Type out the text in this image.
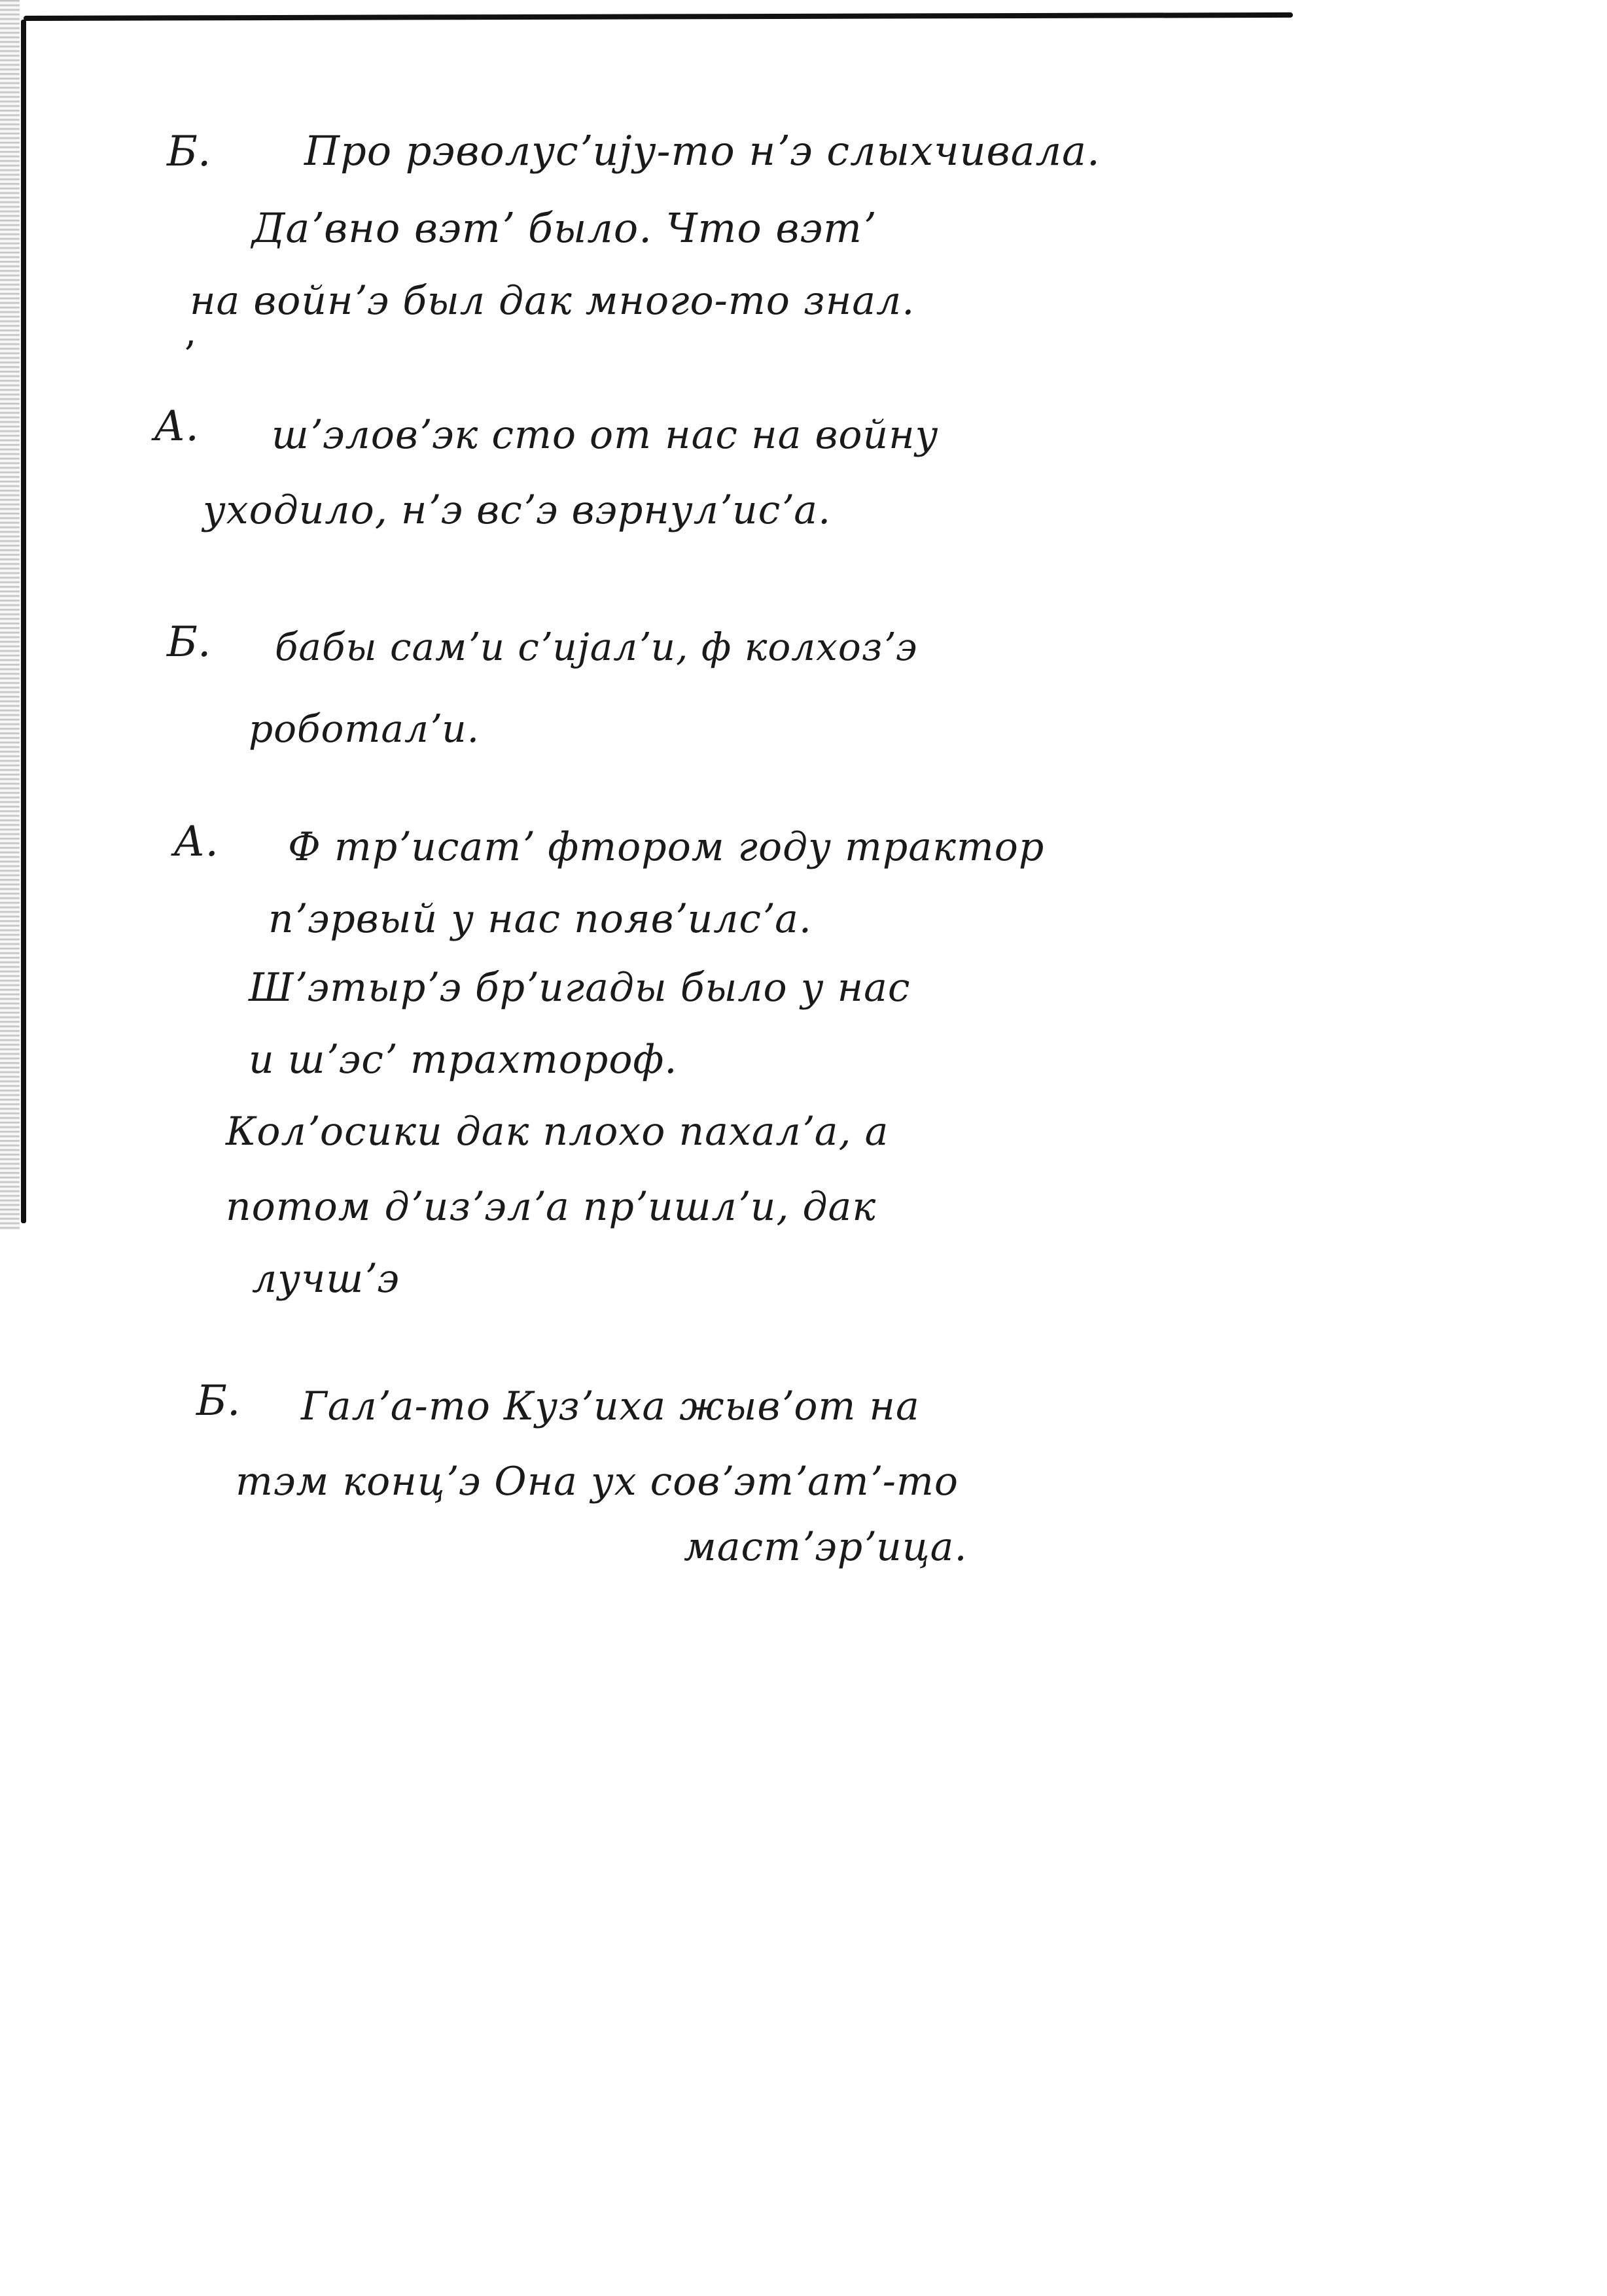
Б. Про рэволусʼију-то нʼэ слыхчивала.

Даʼвно вэтʼ было. Что вэтʼ

на войнʼэ был дак много-то знал.

,

А. шʼэловʼэк сто от нас на войну

уходило, нʼэ всʼэ вэрнулʼисʼа.

Б. бабы самʼи сʼијалʼи, ф колхозʼэ

роботалʼи.

А. Ф трʼисатʼ фтором году трактор

пʼэрвый у нас появʼилсʼа.

Шʼэтырʼэ брʼигады было у нас

и шʼэсʼ трахтороф.

Колʼосики дак плохо пахалʼа, а

потом дʼизʼэлʼа прʼишлʼи, дак

лучшʼэ

Б. Галʼа-то Кузʼиха жывʼот на

тэм концʼэ Она ух совʼэтʼатʼ-то

мастʼэрʼица.
